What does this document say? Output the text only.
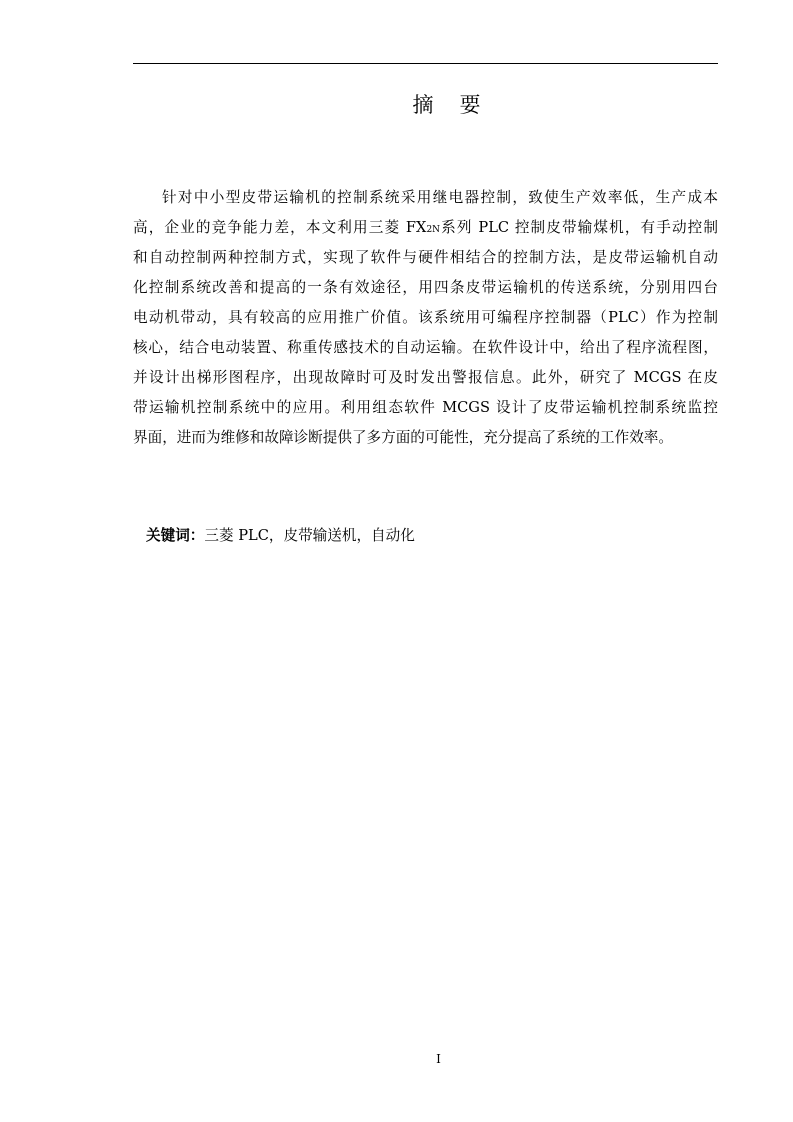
摘 要
针对中小型皮带运输机的控制系统采用继电器控制，致使生产效率低，生产成本
高，企业的竞争能力差，本文利用三菱 FX2N系列 PLC 控制皮带输煤机，有手动控制
和自动控制两种控制方式，实现了软件与硬件相结合的控制方法，是皮带运输机自动
化控制系统改善和提高的一条有效途径，用四条皮带运输机的传送系统，分别用四台
电动机带动，具有较高的应用推广价值。该系统用可编程序控制器（PLC）作为控制
核心，结合电动装置、称重传感技术的自动运输。在软件设计中，给出了程序流程图，
并设计出梯形图程序，出现故障时可及时发出警报信息。此外，研究了 MCGS 在皮
带运输机控制系统中的应用。利用组态软件 MCGS 设计了皮带运输机控制系统监控
界面，进而为维修和故障诊断提供了多方面的可能性，充分提高了系统的工作效率。
关键词：三菱 PLC，皮带输送机，自动化
I
